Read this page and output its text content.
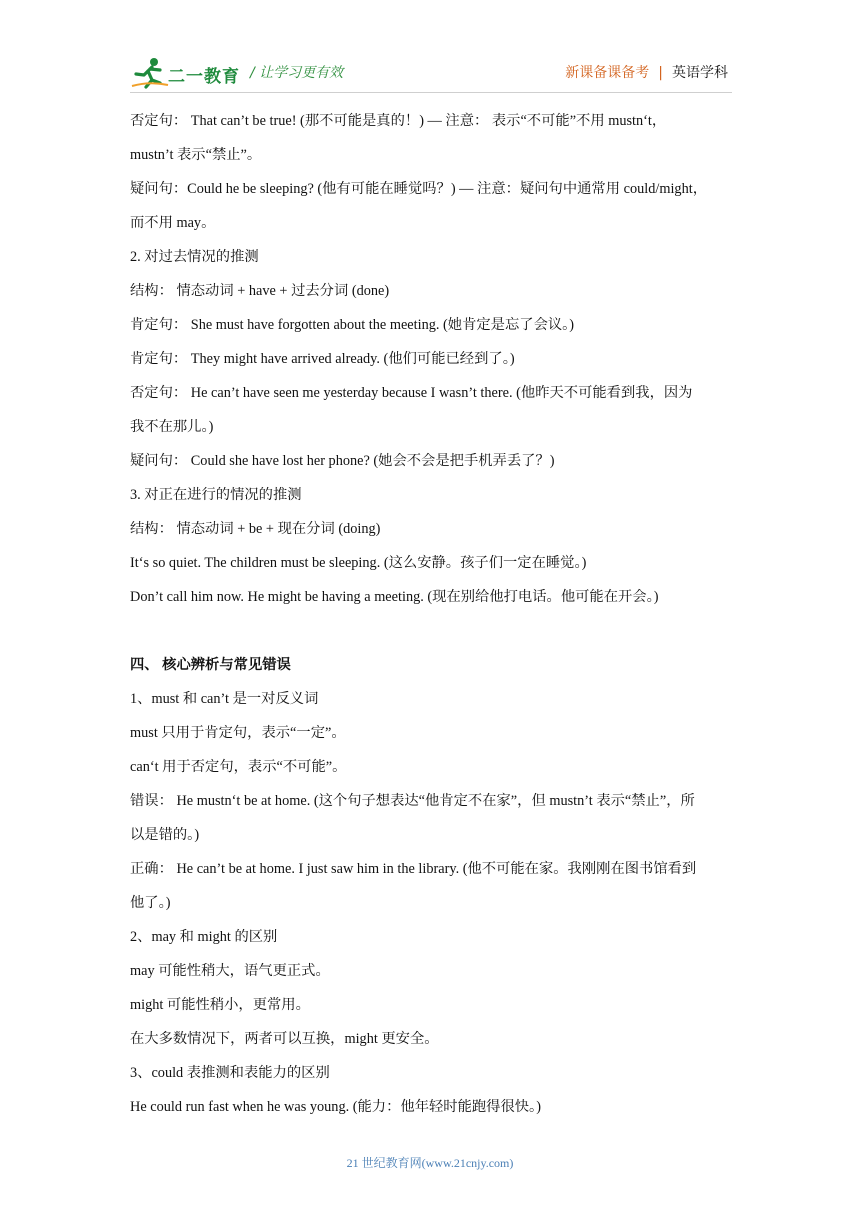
二一教育 / 让学习更有效	新课备课备考 | 英语学科
否定句： That can’t be true! (那不可能是真的！) — 注意： 表示“不可能”不用 mustn‘t，
mustn’t 表示“禁止”。
疑问句：Could he be sleeping? (他有可能在睡觉吗？) — 注意：疑问句中通常用 could/might，
而不用 may。
2. 对过去情况的推测
结构： 情态动词 + have + 过去分词 (done)
肯定句： She must have forgotten about the meeting. (她肯定是忘了会议。)
肯定句： They might have arrived already. (他们可能已经到了。)
否定句： He can’t have seen me yesterday because I wasn’t there. (他昨天不可能看到我，因为
我不在那儿。)
疑问句： Could she have lost her phone? (她会不会是把手机弄丢了？)
3. 对正在进行的情况的推测
结构： 情态动词 + be + 现在分词 (doing)
It‘s so quiet. The children must be sleeping. (这么安静。孩子们一定在睡觉。)
Don’t call him now. He might be having a meeting. (现在别给他打电话。他可能在开会。)
四、 核心辨析与常见错误
1、must 和 can’t 是一对反义词
must 只用于肯定句，表示“一定”。
can‘t 用于否定句，表示“不可能”。
错误： He mustn‘t be at home. (这个句子想表达“他肯定不在家”，但 mustn’t 表示“禁止”，所
以是错的。)
正确： He can’t be at home. I just saw him in the library. (他不可能在家。我刚刚在图书馆看到
他了。)
2、may 和 might 的区别
may 可能性稍大，语气更正式。
might 可能性稍小，更常用。
在大多数情况下，两者可以互换，might 更安全。
3、could 表推测和表能力的区别
He could run fast when he was young. (能力：他年轻时能跑得很快。)
21 世纪教育网(www.21cnjy.com)
